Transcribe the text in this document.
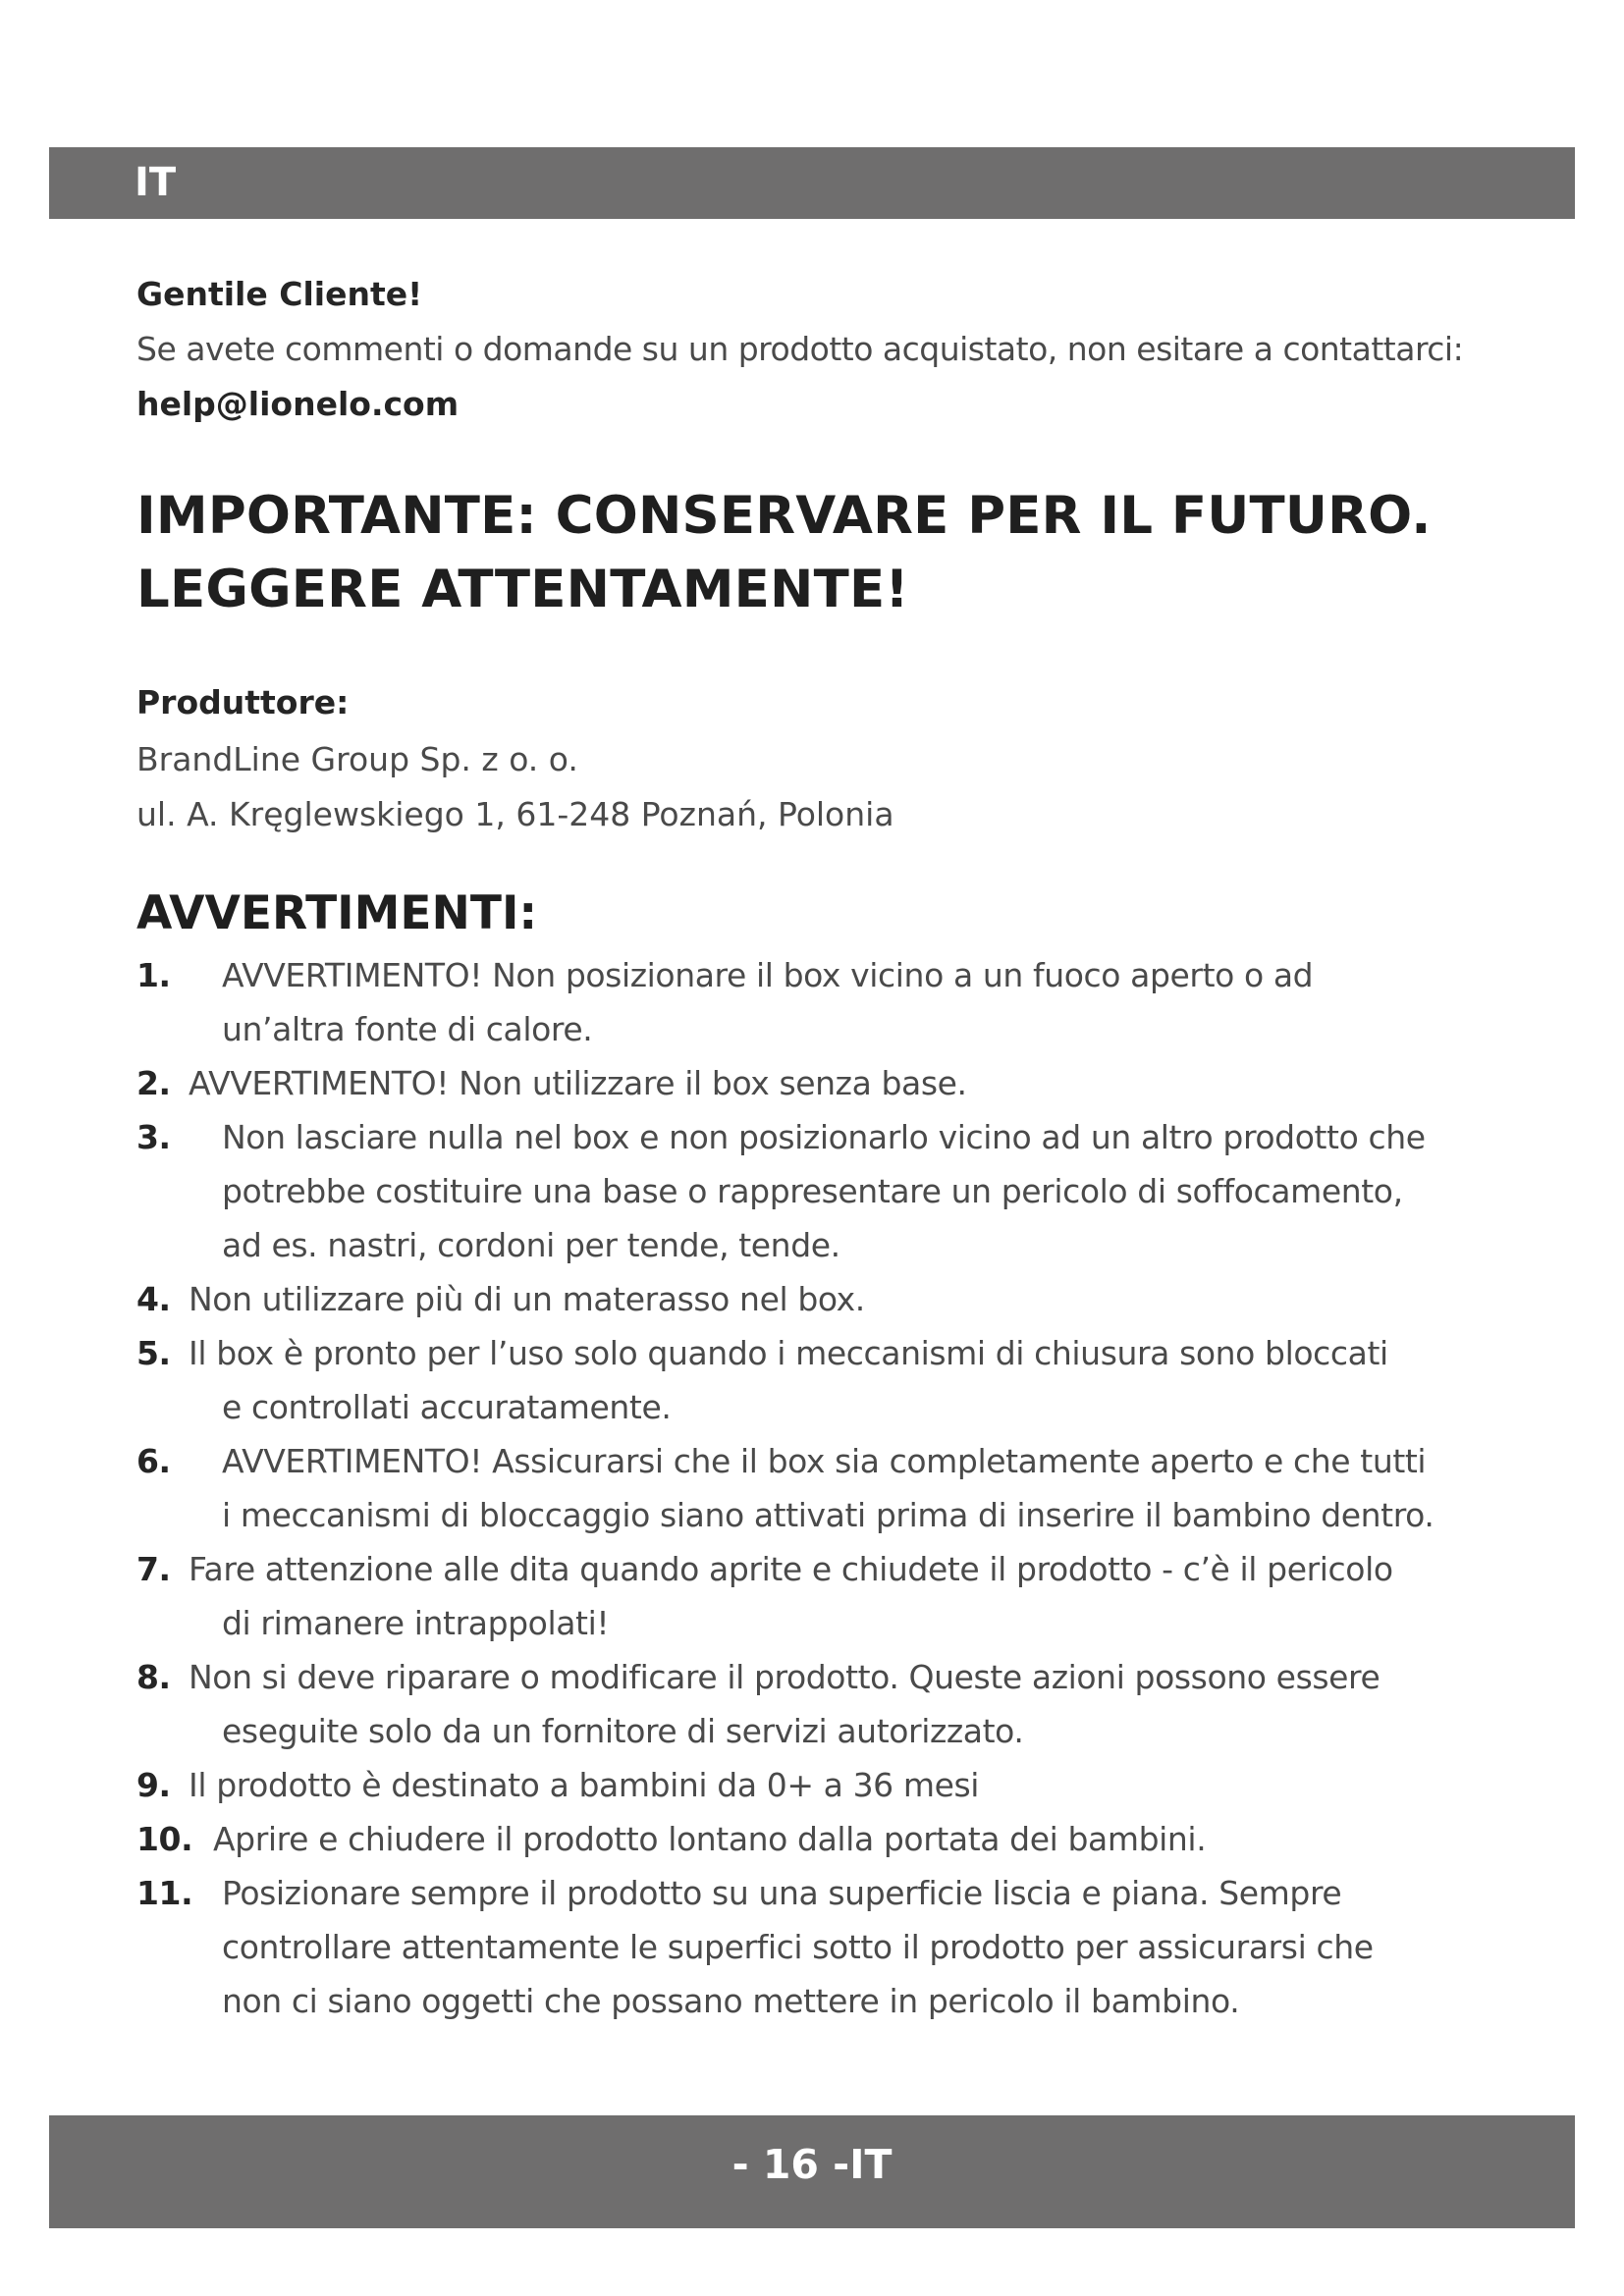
IT
Gentile Cliente!
Se avete commenti o domande su un prodotto acquistato, non esitare a contattarci:
help@lionelo.com
IMPORTANTE: CONSERVARE PER IL FUTURO.
LEGGERE ATTENTAMENTE!
Produttore:
BrandLine Group Sp. z o. o.
ul. A. Kręglewskiego 1, 61-248 Poznań, Polonia
AVVERTIMENTI:
1.	AVVERTIMENTO! Non posizionare il box vicino a un fuoco aperto o ad
un’altra fonte di calore.
2. AVVERTIMENTO! Non utilizzare il box senza base.
3.	Non lasciare nulla nel box e non posizionarlo vicino ad un altro prodotto che
potrebbe costituire una base o rappresentare un pericolo di soffocamento,
ad es. nastri, cordoni per tende, tende.
4. Non utilizzare più di un materasso nel box.
5. Il box è pronto per l’uso solo quando i meccanismi di chiusura sono bloccati
e controllati accuratamente.
6.	AVVERTIMENTO! Assicurarsi che il box sia completamente aperto e che tutti
i meccanismi di bloccaggio siano attivati prima di inserire il bambino dentro.
7. Fare attenzione alle dita quando aprite e chiudete il prodotto - c’è il pericolo
di rimanere intrappolati!
8. Non si deve riparare o modificare il prodotto. Queste azioni possono essere
eseguite solo da un fornitore di servizi autorizzato.
9. Il prodotto è destinato a bambini da 0+ a 36 mesi
10. Aprire e chiudere il prodotto lontano dalla portata dei bambini.
11. Posizionare sempre il prodotto su una superficie liscia e piana. Sempre
controllare attentamente le superfici sotto il prodotto per assicurarsi che
non ci siano oggetti che possano mettere in pericolo il bambino.
- 16 -IT
